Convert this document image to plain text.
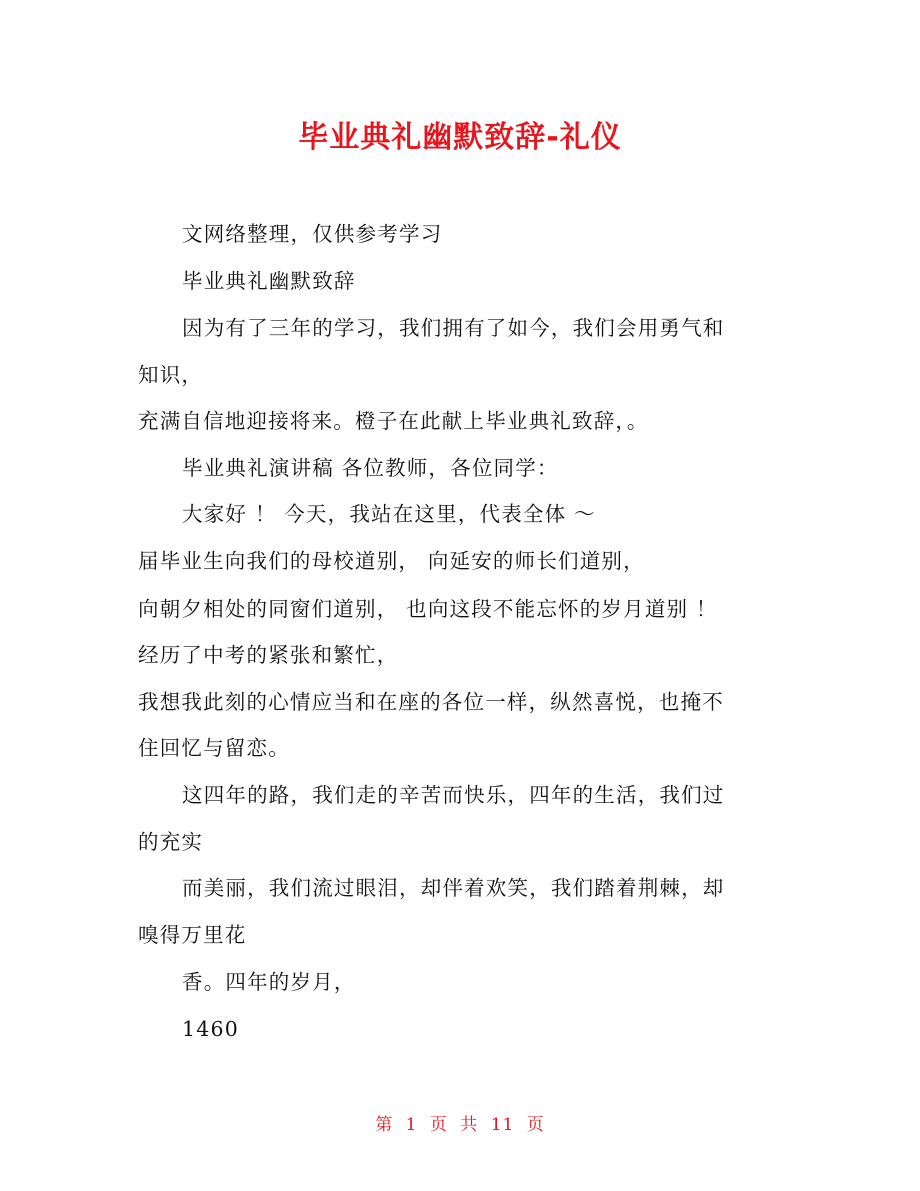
毕业典礼幽默致辞-礼仪
文网络整理，仅供参考学习
毕业典礼幽默致辞
因为有了三年的学习，我们拥有了如今，我们会用勇气和
知识，
充满自信地迎接将来。橙子在此献上毕业典礼致辞，。
毕业典礼演讲稿 各位教师，各位同学：
大家好 ！ 今天，我站在这里，代表全体 ～
届毕业生向我们的母校道别， 向延安的师长们道别，
向朝夕相处的同窗们道别， 也向这段不能忘怀的岁月道别 ！
经历了中考的紧张和繁忙，
我想我此刻的心情应当和在座的各位一样，纵然喜悦，也掩不
住回忆与留恋。
这四年的路，我们走的辛苦而快乐，四年的生活，我们过
的充实
而美丽，我们流过眼泪，却伴着欢笑，我们踏着荆棘，却
嗅得万里花
香。四年的岁月，
1460
第 1 页 共 11 页
